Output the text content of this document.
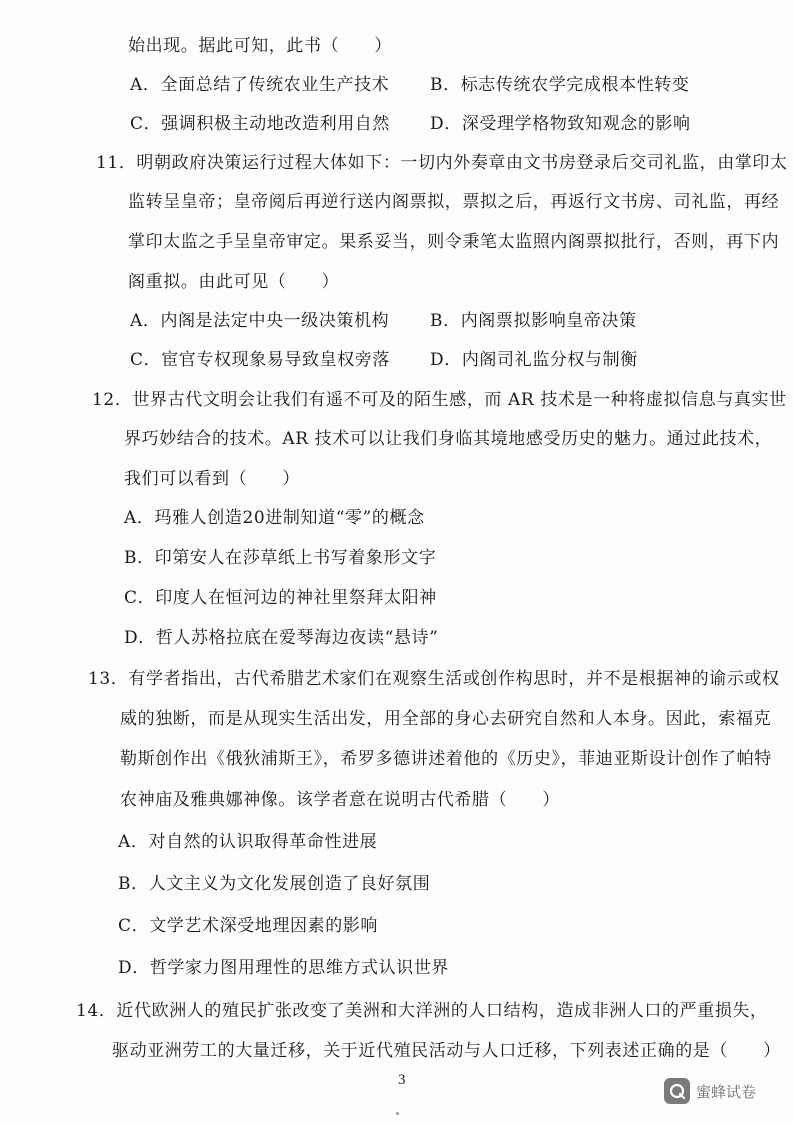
始出现。据此可知，此书（　　）
A．全面总结了传统农业生产技术 B．标志传统农学完成根本性转变
C．强调积极主动地改造利用自然 D．深受理学格物致知观念的影响
11．明朝政府决策运行过程大体如下：一切内外奏章由文书房登录后交司礼监，由掌印太
监转呈皇帝；皇帝阅后再逆行送内阁票拟，票拟之后，再返行文书房、司礼监，再经
掌印太监之手呈皇帝审定。果系妥当，则令秉笔太监照内阁票拟批行，否则，再下内
阁重拟。由此可见（　　）
A．内阁是法定中央一级决策机构 B．内阁票拟影响皇帝决策
C．宦官专权现象易导致皇权旁落 D．内阁司礼监分权与制衡
12．世界古代文明会让我们有遥不可及的陌生感，而 AR 技术是一种将虚拟信息与真实世
界巧妙结合的技术。AR 技术可以让我们身临其境地感受历史的魅力。通过此技术，
我们可以看到（　　）
A．玛雅人创造20进制知道“零”的概念
B．印第安人在莎草纸上书写着象形文字
C．印度人在恒河边的神社里祭拜太阳神
D．哲人苏格拉底在爱琴海边夜读“悬诗”
13．有学者指出，古代希腊艺术家们在观察生活或创作构思时，并不是根据神的谕示或权
威的独断，而是从现实生活出发，用全部的身心去研究自然和人本身。因此，索福克
勒斯创作出《俄狄浦斯王》，希罗多德讲述着他的《历史》，菲迪亚斯设计创作了帕特
农神庙及雅典娜神像。该学者意在说明古代希腊（　　）
A．对自然的认识取得革命性进展
B．人文主义为文化发展创造了良好氛围
C．文学艺术深受地理因素的影响
D．哲学家力图用理性的思维方式认识世界
14．近代欧洲人的殖民扩张改变了美洲和大洋洲的人口结构，造成非洲人口的严重损失，
驱动亚洲劳工的大量迁移，关于近代殖民活动与人口迁移，下列表述正确的是（　　）
3
蜜蜂试卷
